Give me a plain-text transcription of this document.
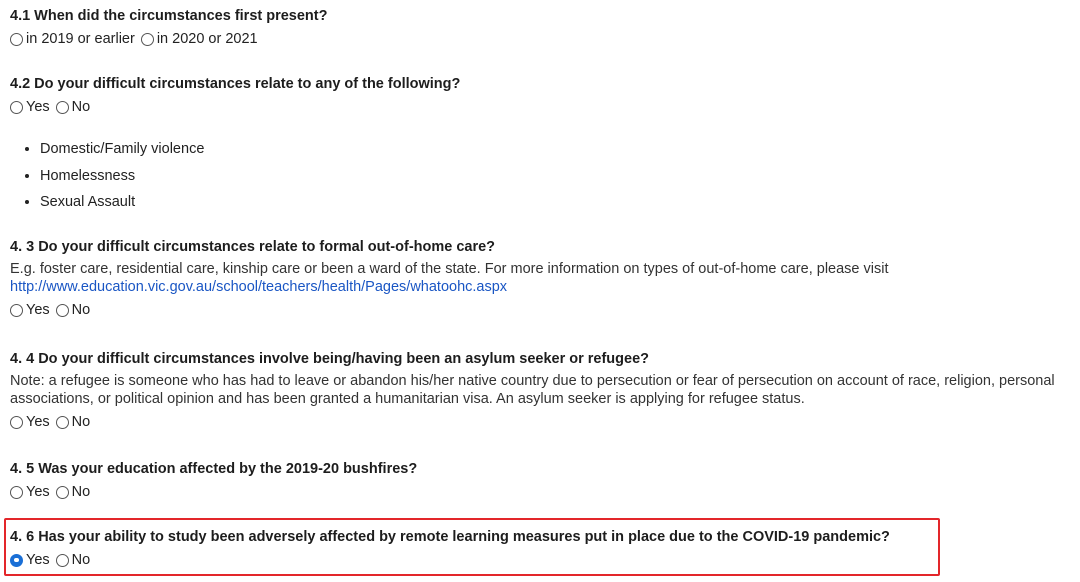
4.1 When did the circumstances first present?
in 2019 or earlier in 2020 or 2021
4.2 Do your difficult circumstances relate to any of the following?
Yes No
• Domestic/Family violence
• Homelessness
• Sexual Assault
4. 3 Do your difficult circumstances relate to formal out-of-home care?
E.g. foster care, residential care, kinship care or been a ward of the state. For more information on types of out-of-home care, please visit
http://www.education.vic.gov.au/school/teachers/health/Pages/whatoohc.aspx
Yes No
4. 4 Do your difficult circumstances involve being/having been an asylum seeker or refugee?
Note: a refugee is someone who has had to leave or abandon his/her native country due to persecution or fear of persecution on account of race, religion, personal associations, or political opinion and has been granted a humanitarian visa. An asylum seeker is applying for refugee status.
Yes No
4. 5 Was your education affected by the 2019-20 bushfires?
Yes No
4. 6 Has your ability to study been adversely affected by remote learning measures put in place due to the COVID-19 pandemic?
Yes No
